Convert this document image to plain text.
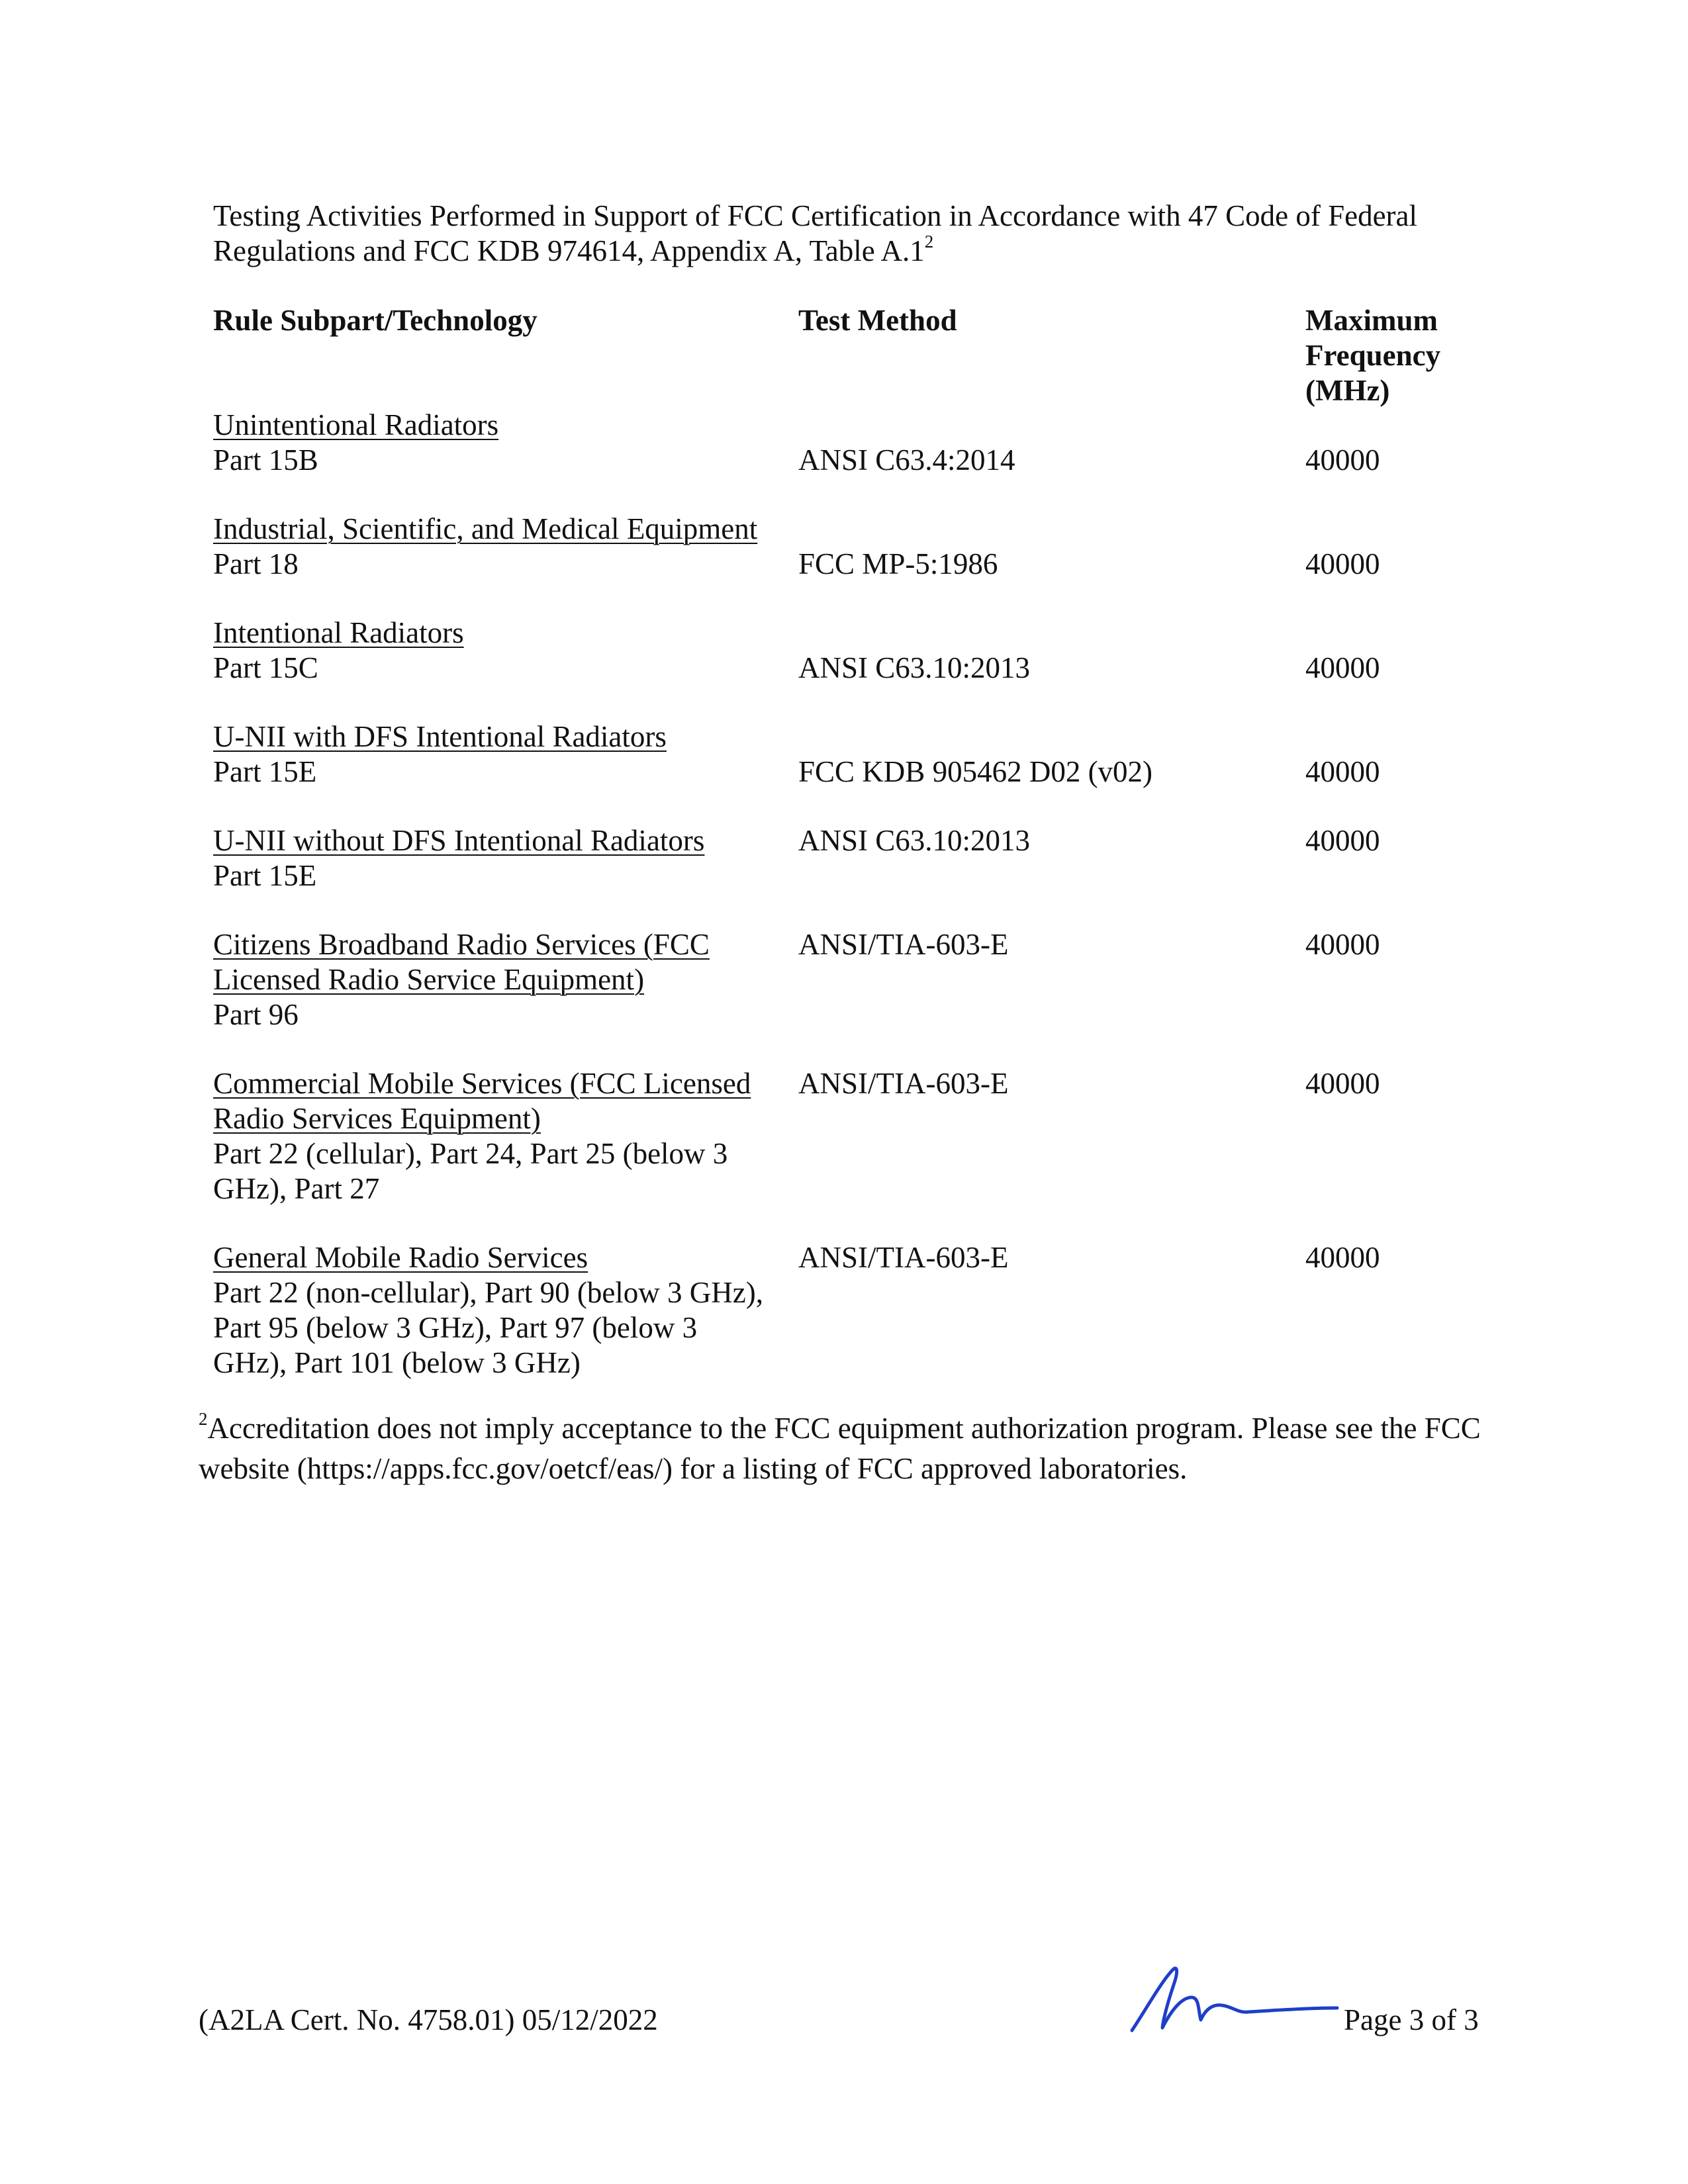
Testing Activities Performed in Support of FCC Certification in Accordance with 47 Code of Federal Regulations and FCC KDB 974614, Appendix A, Table $A.1^2$

Rule Subpart/Technology	Test Method	Maximum
Frequency
(MHz)
Unintentional Radiators
Part 15B	ANSI C63.4:2014	40000
Industrial, Scientific, and Medical Equipment
Part 18	FCC MP-5:1986	40000
Intentional Radiators
Part 15C	ANSI C63.10:2013	40000
U-NII with DFS Intentional Radiators
Part 15E	FCC KDB 905462 D02 (v02)	40000
U-NII without DFS Intentional Radiators
Part 15E
ANSI C63.10:2013	40000
Citizens Broadband Radio Services (FCC Licensed Radio Service Equipment)
Part 96
ANSI/TIA-603-E	40000
Commercial Mobile Services (FCC Licensed Radio Services Equipment)
Part 22 (cellular), Part 24, Part 25 (below 3 GHz), Part 27
ANSI/TIA-603-E	40000
General Mobile Radio Services
Part 22 (non-cellular), Part 90 (below 3 GHz), Part 95 (below 3 GHz), Part 97 (below 3 GHz), Part 101 (below 3 GHz)
ANSI/TIA-603-E	40000

$^2$Accreditation does not imply acceptance to the FCC equipment authorization program. Please see the FCC website (https://apps.fcc.gov/oetcf/eas/) for a listing of FCC approved laboratories.

(A2LA Cert. No. 4758.01) 05/12/2022	Page 3 of 3
